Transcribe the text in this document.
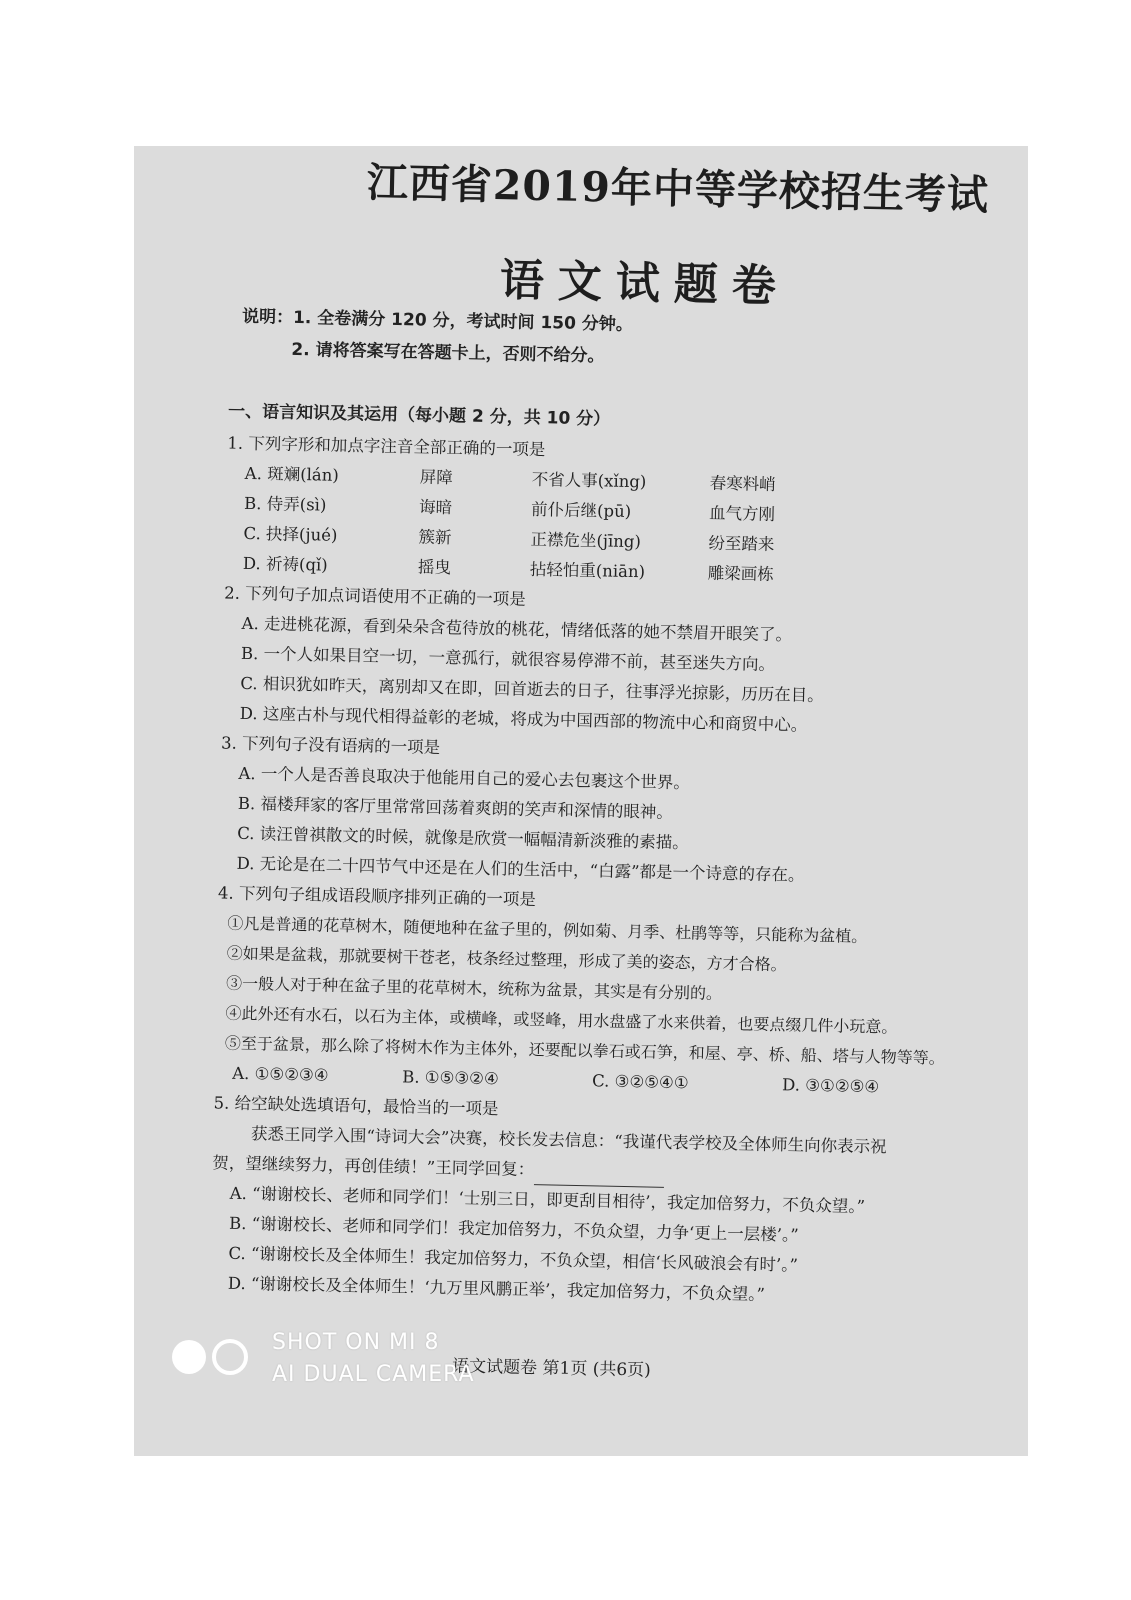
江西省2019年中等学校招生考试
语文试题卷
说明：1. 全卷满分 120 分，考试时间 150 分钟。
2. 请将答案写在答题卡上，否则不给分。
一、语言知识及其运用（每小题 2 分，共 10 分）
1. 下列字形和加点字注音全部正确的一项是
A. 斑斓(lán)	屏障	不省人事(xǐng)	春寒料峭
B. 侍弄(sì)	诲暗	前仆后继(pū)	血气方刚
C. 抉择(jué)	簇新	正襟危坐(jīng)	纷至踏来
D. 祈祷(qǐ)	摇曳	拈轻怕重(niān)	雕梁画栋
2. 下列句子加点词语使用不正确的一项是
A. 走进桃花源，看到朵朵含苞待放的桃花，情绪低落的她不禁眉开眼笑了。
B. 一个人如果目空一切，一意孤行，就很容易停滞不前，甚至迷失方向。
C. 相识犹如昨天，离别却又在即，回首逝去的日子，往事浮光掠影，历历在目。
D. 这座古朴与现代相得益彰的老城，将成为中国西部的物流中心和商贸中心。
3. 下列句子没有语病的一项是
A. 一个人是否善良取决于他能用自己的爱心去包裹这个世界。
B. 福楼拜家的客厅里常常回荡着爽朗的笑声和深情的眼神。
C. 读汪曾祺散文的时候，就像是欣赏一幅幅清新淡雅的素描。
D. 无论是在二十四节气中还是在人们的生活中，“白露”都是一个诗意的存在。
4. 下列句子组成语段顺序排列正确的一项是
①凡是普通的花草树木，随便地种在盆子里的，例如菊、月季、杜鹃等等，只能称为盆植。
②如果是盆栽，那就要树干苍老，枝条经过整理，形成了美的姿态，方才合格。
③一般人对于种在盆子里的花草树木，统称为盆景，其实是有分别的。
④此外还有水石，以石为主体，或横峰，或竖峰，用水盘盛了水来供着，也要点缀几件小玩意。
⑤至于盆景，那么除了将树木作为主体外，还要配以拳石或石笋，和屋、亭、桥、船、塔与人物等等。
A. ①⑤②③④	B. ①⑤③②④	C. ③②⑤④①	D. ③①②⑤④
5. 给空缺处选填语句，最恰当的一项是
获悉王同学入围“诗词大会”决赛，校长发去信息：“我谨代表学校及全体师生向你表示祝
贺，望继续努力，再创佳绩！”王同学回复：
A. “谢谢校长、老师和同学们！‘士别三日，即更刮目相待’，我定加倍努力，不负众望。”
B. “谢谢校长、老师和同学们！我定加倍努力，不负众望，力争‘更上一层楼’。”
C. “谢谢校长及全体师生！我定加倍努力，不负众望，相信‘长风破浪会有时’。”
D. “谢谢校长及全体师生！‘九万里风鹏正举’，我定加倍努力，不负众望。”
语文试题卷 第1页 (共6页)
SHOT ON MI 8
AI DUAL CAMERA
